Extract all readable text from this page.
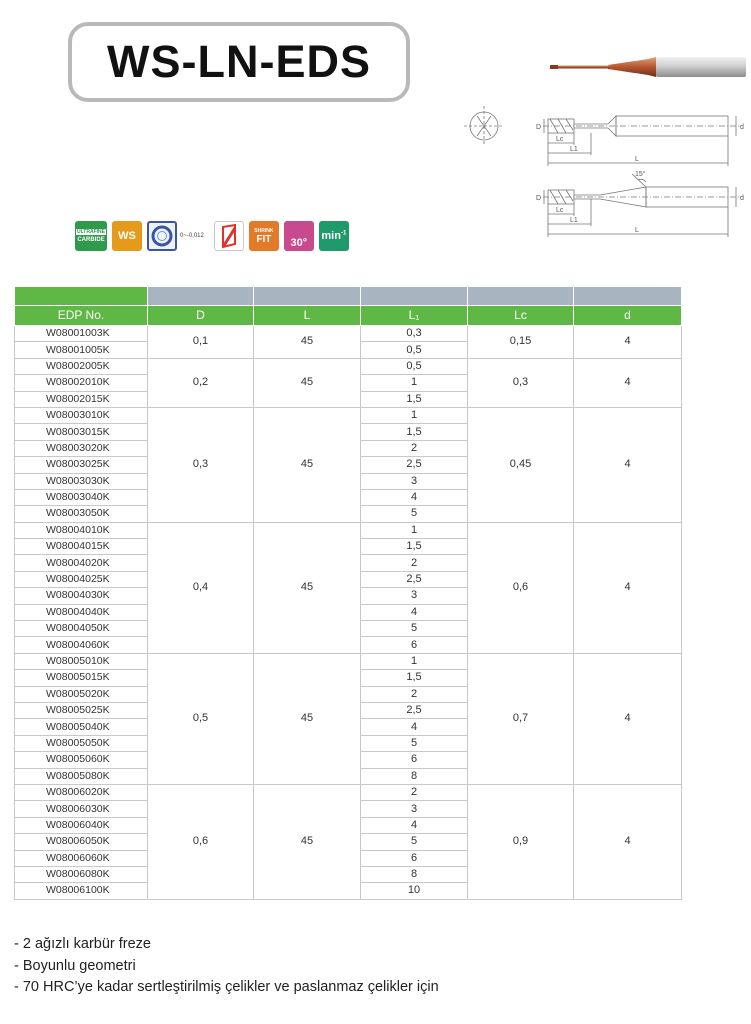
WS-LN-EDS
D	d
Lc
L1
L
D	d
Lc
L1
L
15°
ULTRAFINE
CARBIDE WS	0~-0,012
SHRINK
FIT 30°
$\min^{-1}$

EDP No.	D	L	L₁	Lc	d
W08001003K	0,1	45	0,3	0,15	4
W08001005K			0,5		
W08002005K	0,2	45	0,5	0,3	4
W08002010K			1		
W08002015K			1,5		
W08003010K	0,3	45	1	0,45	4
W08003015K			1,5		
W08003020K			2		
W08003025K			2,5		
W08003030K			3		
W08003040K			4		
W08003050K			5		
W08004010K	0,4	45	1	0,6	4
W08004015K			1,5		
W08004020K			2		
W08004025K			2,5		
W08004030K			3		
W08004040K			4		
W08004050K			5		
W08004060K			6		
W08005010K	0,5	45	1	0,7	4
W08005015K			1,5		
W08005020K			2		
W08005025K			2,5		
W08005040K			4		
W08005050K			5		
W08005060K			6		
W08005080K			8		
W08006020K	0,6	45	2	0,9	4
W08006030K			3		
W08006040K			4		
W08006050K			5		
W08006060K			6		
W08006080K			8		
W08006100K			10		
- 2 ağızlı karbür freze
- Boyunlu geometri
- 70 HRC’ye kadar sertleştirilmiş çelikler ve paslanmaz çelikler için
